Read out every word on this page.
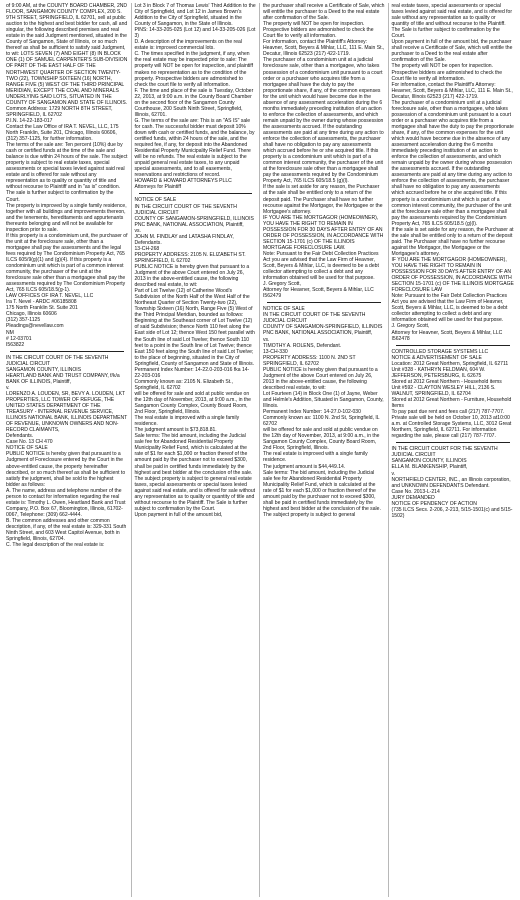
of 9:00 AM, at the COUNTY BOARD CHAMBER, 2ND FLOOR, SANGAMON COUNTY COMPLEX, 200 S. 9TH STREET, SPRINGFIELD, IL 62701, sell at public auction to the highest and best bidder for cash, all and singular, the following described premises and real estate in the said Judgment mentioned, situated in the County of Sangamon, State of Illinois, or so much thereof as shall be sufficient to satisfy said Judgment, to wit: LOTS SEVEN (7) AND EIGHT (8) IN BLOCK ONE (1) OF SAMUEL CARPENTER'S SUB-DIVISION OF PART OF THE EAST HALF OF THE NORTHWEST QUARTER OF SECTION TWENTY-TWO (22), TOWNSHIP SIXTEEN (16) NORTH, RANGE FIVE (5) WEST OF THE THIRD PRINCIPAL MERIDIAN, EXCEPT THE COAL AND MINERALS UNDERLYING SAID LOTS, SITUATED IN THE COUNTY OF SANGAMON AND STATE OF ILLINOIS. Common Address: 1729 NORTH 8TH STREET, SPRINGFIELD, IL 62702
P.I.N. 14-22-183-017
Contact the Law Office of IRA T. NEVEL, LLC, 175 North Franklin, Suite 201, Chicago, Illinois 60606, (312) 357-1125, for further information.
The terms of the sale are: Ten percent (10%) due by cash or certified funds at the time of the sale and balance is due within 24 hours of the sale. The subject property is subject to real estate taxes, special assessments or special taxes levied against said real estate and is offered for sale without any representation as to quality or quantity of title and without recourse to Plaintiff and in "as is" condition. The sale is further subject to confirmation by the Court.
The property is improved by a single family residence, together with all buildings and improvements thereon, and the tenements, hereditaments and appurtenants thereunto belonging and will not be available for inspection prior to sale.
If this property is a condominium unit, the purchaser of the unit at the foreclosure sale, other than a mortgagee shall pay the assessments and the legal fees required by The Condominium Property Act, 765 ILCS 605/9(g)(1) and (g)(4). If this property is a condominium unit which is part of a common interest community, the purchaser of the unit at the foreclosure sale other than a mortgagee shall pay the assessments required by The Condominium Property Act, 765 ILCS 605/18.5(g-1).
LAW OFFICES OF IRA T. NEVEL, LLC
Ira T. Nevel - ARDC #06185808
175 North Franklin St. Suite 201
Chicago, Illinois 60606
(312) 357-1125
Pleadings@nevellaw.com
NM
# 12-03701
I563822

IN THE CIRCUIT COURT OF THE SEVENTH JUDICIAL CIRCUIT
SANGAMON COUNTY, ILLINOIS
HEARTLAND BANK AND TRUST COMPANY, f/k/a BANK OF ILLINOIS, Plaintiff,
v.
LORENZO A. LOUDEN, SR, BEVY A. LOUDEN, LKT PROPERTIES, LLC TOWER OF REFUGE, THE UNITED STATES DEPARTMENT OF THE TREASURY - INTERNAL REVENUE SERVICE, ILLINOIS NATIONAL BANK, ILLINOIS DEPARTMENT OF REVENUE, UNKNOWN OWNERS AND NON-RECORD CLAIMANTS,
Defendants.
Case No. 13 CH 470
NOTICE OF SALE
PUBLIC NOTICE is hereby given that pursuant to a Judgment of Foreclosure entered by the Court in the above-entitled cause, the property hereinafter described, or so much thereof as shall be sufficient to satisfy the judgment, shall be sold to the highest bidder as follows:
A. The name, address and telephone number of the person to contact for information regarding the real estate is: Timothy L. Owen, Heartland Bank and Trust Company, P.O. Box 67, Bloomington, Illinois, 61702-0067, Telephone: (309) 662-4444.
B. The common addresses and other common description, if any, of the real estate is: 329-331 South Ninth Street, and 603 West Capitol Avenue, both in Springfield, Illinois, 62704.
C. The legal description of the real estate is:

Lot 3 in Block 7 of Thomas Lewis' Third Addition to the City of Springfield, and Lot 12 in James Brown's Addition to the City of Springfield, situated in the County of Sangamon, in the State of Illinois.
PINS: 14-33-205-025 (Lot 12) and 14-33-205-026 (Lot 3)
D. A description of the improvements on the real estate is: improved commercial lots.
C. The times specified in the judgment, if any, when the real estate may be inspected prior to sale: The property will NOT be open for inspection, and plaintiff makes no representation as to the condition of the property. Prospective bidders are admonished to check the court file to verify all information.
F. The time and place of the sale is Tuesday, October 22, 2013, at 9:00 a.m. in the County Board Chamber on the second floor of the Sangamon County Courthouse, 200 South Ninth Street, Springfield, Illinois, 62701.
G. The terms of the sale are: This is an "AS IS" sale for cash. The successful bidder must deposit 10% down with cash or certified funds, and the balance, by certified funds, within 24 hours of the sale, and the required fee, if any, for deposit into the Abandoned Residential Property Municipality Relief Fund. There will be no refunds. The real estate is subject to the unpaid general real estate taxes, to any unpaid special assessments, and to all easements, reservations and restrictions of record.
HOWARD & HOWARD ATTORNEYS PLLC
Attorneys for Plaintiff

NOTICE OF SALE
IN THE CIRCUIT COURT OF THE SEVENTH JUDICIAL CIRCUIT
COUNTY OF SANGAMON-SPRINGFIELD, ILLINOIS
PNC BANK, NATIONAL ASSOCIATION, Plaintiff,
vs.
JOHN M. FINDLAY and LATASHA FINDLAY, Defendants.
13-CH-268
PROPERTY ADDRESS: 2105 N. ELIZABETH ST.
SPRINGFIELD, IL 62702
PUBLIC NOTICE is hereby given that pursuant to a Judgment of the above Court entered on July 26, 2013 in the above-entitled cause, the following described real estate, to wit:
Part of Lot Twelve (12) of Catherine Wood's Subdivision of the North Half of the West Half of the Northeast Quarter of Section Twenty-two (22), Township Sixteen (16) North, Range Five (5) West of the Third Principal Meridian, bounded as follows: Beginning at the Southeast corner of Lot Twelve (12) of said Subdivision; thence North 110 feet along the East side of Lot 12; thence West 150 feet parallel with the South line of said Lot Twelve; thence South 110 feet to a point in the South line of Lot Twelve; thence East 150 feet along the South line of said Lot Twelve; to the place of beginning, situated in the City of Springfield, County of Sangamon and State of Illinois.
Permanent Index Number: 14-22.0-203-016 fka 14-22-203-016
Commonly known as: 2105 N. Elizabeth St., Springfield, IL 62702
will be offered for sale and sold at public vendue on the 12th day of November, 2013, at 9:00 a.m., in the Sangamon County Complex, County Board Room, 2nd Floor, Springfield, Illinois.
The real estate is improved with a single family residence.
The judgment amount is $73,818.81.
Sale terms: The bid amount, including the Judicial sale fee for Abandoned Residential Property Municipality Relief Fund, which is calculated at the rate of $1 for each $1,000 or fraction thereof of the amount paid by the purchaser not to exceed $300, shall be paid in certified funds immediately by the highest and best bidder at the conclusion of the sale. The subject property is subject to general real estate taxes, special assessments or special taxes levied against said real estate, and is offered for sale without any representation as to quality or quantity of title and without recourse to the Plaintiff. The Sale is further subject to confirmation by the Court.
Upon payment in full of the amount bid,

the purchaser shall receive a Certificate of Sale, which will entitle the purchaser to a Deed to the real estate after confirmation of the Sale.
The property will NOT be open for inspection. Prospective bidders are admonished to check the Court file to verify all information.
For information, contact the Plaintiff's Attorney: Heavner, Scott, Beyers & Mihlar, LLC, 111 E. Main St., Decatur, Illinois 62523 (217) 422-1719.
The purchaser of a condominium unit at a judicial foreclosure sale, other than a mortgagee, who takes possession of a condominium unit pursuant to a court order or a purchaser who acquires title from a mortgagee shall have the duty to pay the proportionate share, if any, of the common expenses for the unit which would have become due in the absence of any assessment acceleration during the 6 months immediately preceding institution of an action to enforce the collection of assessments, and which remain unpaid by the owner during whose possession the assessments accrued. If the outstanding assessments are paid at any time during any action to enforce the collection of assessments, the purchaser shall have no obligation to pay any assessments which accrued before he or she acquired title. If this property is a condominium unit which is part of a common interest community, the purchaser of the unit at the foreclosure sale other than a mortgagee shall pay the assessments required by the Condominium Property Act, 765 ILCS 605/18.5 (g)(l).
If the sale is set aside for any reason, the Purchaser at the sale shall be entitled only to a return of the deposit paid. The Purchaser shall have no further recourse against the Mortgagor, the Mortgagee or the Mortgagee's attorney.
IF YOU ARE THE MORTGAGOR (HOMEOWNER), YOU HAVE THE RIGHT TO REMAIN IN POSSESSION FOR 30 DAYS AFTER ENTRY OF AN ORDER OF POSSESSION, IN ACCORDANCE WITH SECTION 15-1701 (c) OF THE ILLINOIS MORTGAGE FORECLOSURE LAW.
Note: Pursuant to the Fair Debt Collection Practices Act you are advised that the Law Firm of Heavner, Scott, Beyers & Mihlar, LLC, is deemed to be a debt collector attempting to collect a debt and any information obtained will be used for that purpose.
J. Gregory Scott,
Attorney for Heavner, Scott, Beyers & Mihlar, LLC
I562479

NOTICE OF SALE
IN THE CIRCUIT COURT OF THE SEVENTH JUDICIAL CIRCUIT
COUNTY OF SANGAMON-SPRINGFIELD, ILLINOIS
PNC BANK, NATIONAL ASSOCIATION, Plaintiff,
vs.
TIMOTHY A. ROLENS, Defendant.
13-CH-330
PROPERTY ADDRESS: 1100 N. 2ND ST SPRINGFIELD, IL 62702
PUBLIC NOTICE is hereby given that pursuant to a Judgment of the above Court entered on July 26, 2013 in the above-entitled cause, the following described real estate, to wit:
Lot Fourteen (14) in Block One (1) of Jayne, Weber and Helmle's Addition, Situated in Sangamon, County, Illinois.
Permanent Index Number: 14-27.0-102-030
Commonly known as: 1100 N. 2nd St, Springfield, IL 62702
will be offered for sale and sold at public vendue on the 12th day of November, 2013, at 9:00 a.m., in the Sangamon County Complex, County Board Room, 2nd Floor, Springfield, Illinois.
The real estate is improved with a single family residence.
The judgment amount is $44,449.14.
Sale terms: The bid amount, including the Judicial sale fee for Abandoned Residential Property Municipality Relief Fund, which is calculated at the rate of $1 for each $1,000 or fraction thereof of the amount paid by the purchaser not to exceed $300, shall be paid in certified funds immediately by the highest and best bidder at the conclusion of the sale. The subject property is subject to general

real estate taxes, special assessments or special taxes levied against said real estate, and is offered for sale without any representation as to quality or quantity of title and without recourse to the Plaintiff. The Sale is further subject to confirmation by the Court.
Upon payment in full of the amount bid, the purchaser shall receive a Certificate of Sale, which will entitle the purchaser to a Deed to the real estate after confirmation of the Sale.
The property will NOT be open for inspection. Prospective bidders are admonished to check the Court file to verify all information.
For information, contact the Plaintiff's Attorney: Heavner, Scott, Beyers & Mihlar, LLC, 111 E. Main St., Decatur, Illinois 62523 (217) 422-1719.
The purchaser of a condominium unit at a judicial foreclosure sale, other than a mortgagee, who takes possession of a condominium unit pursuant to a court order or a purchaser who acquires title from a mortgagee shall have the duty to pay the proportionate share, if any, of the common expenses for the unit which would have become due in the absence of any assessment acceleration during the 6 months immediately preceding institution of an action to enforce the collection of assessments, and which remain unpaid by the owner during whose possession the assessments accrued. If the outstanding assessments are paid at any time during any action to enforce the collection of assessments, the purchaser shall have no obligation to pay any assessments which accrued before he or she acquired title. If this property is a condominium unit which is part of a common interest community, the purchaser of the unit at the foreclosure sale other than a mortgagee shall pay the assessments required by the Condominium Property Act, 765 ILCS 605/18.5 (g)(l).
If the sale is set aside for any reason, the Purchaser at the sale shall be entitled only to a return of the deposit paid. The Purchaser shall have no further recourse against the Mortgagor, the Mortgagee or the Mortgagee's attorney.
IF YOU ARE THE MORTGAGOR (HOMEOWNER), YOU HAVE THE RIGHT TO REMAIN IN POSSESSION FOR 30 DAYS AFTER ENTRY OF AN ORDER OF POSSESSION, IN ACCORDANCE WITH SECTION 15-1701 (c) OF THE ILLINOIS MORTGAGE FORECLOSURE LAW
Note: Pursuant to the Fair Debt Collection Practices Act you are advised that the Law Firm of Heavner, Scott, Beyers & Mihlar, LLC, is deemed to be a debt collector attempting to collect a debt and any information obtained will be used for that purpose.
J. Gregory Scott,
Attorney for Heavner, Scott, Beyers & Mihlar, LLC
I562478

CONTROLLED STORAGE SYSTEMS LLC
NOTICE & ADVERTISEMENT OF SALE
Location: 2012 Great Northern, Springfield, IL 62711
Unit #328 - KATHRYN FELDMAN, 604 W. JEFFERSON, PETERSBURG, IL 62675
Stored at 2012 Great Northern - Household items
Unit #592 - CLAYTON WESLEY HILL, 2136 S. WALNUT, SPRINGFIELD, IL 62704
Stored at 2012 Great Northern - Furniture, Household Items
To pay past due rent and fees call (217) 787-7707. Private sale will be held on October 10, 2013 at10:00 a.m. at Controlled Storage Systems, LLC, 3012 Great Northern, Springfield, IL 62711. For information regarding the sale, please call (217) 787-7707.

IN THE CIRCUIT COURT FOR THE SEVENTH JUDICIAL CIRCUIT
SANGAMON COUNTY, ILLINOIS
ELLA M. BLANKENSHIP, Plaintiff,
v.
NORTHFIELD CENTER, INC., an Illinois corporation, and UNKNOWN DEFENDANTS Defendant.
Case No. 2013-L-214
JURY DEMANDED
NOTICE OF PENDENCY OF ACTION
(735 ILCS Secs. 2-206, 2-213, 5/15-1501(c) and 5/15-1502)
